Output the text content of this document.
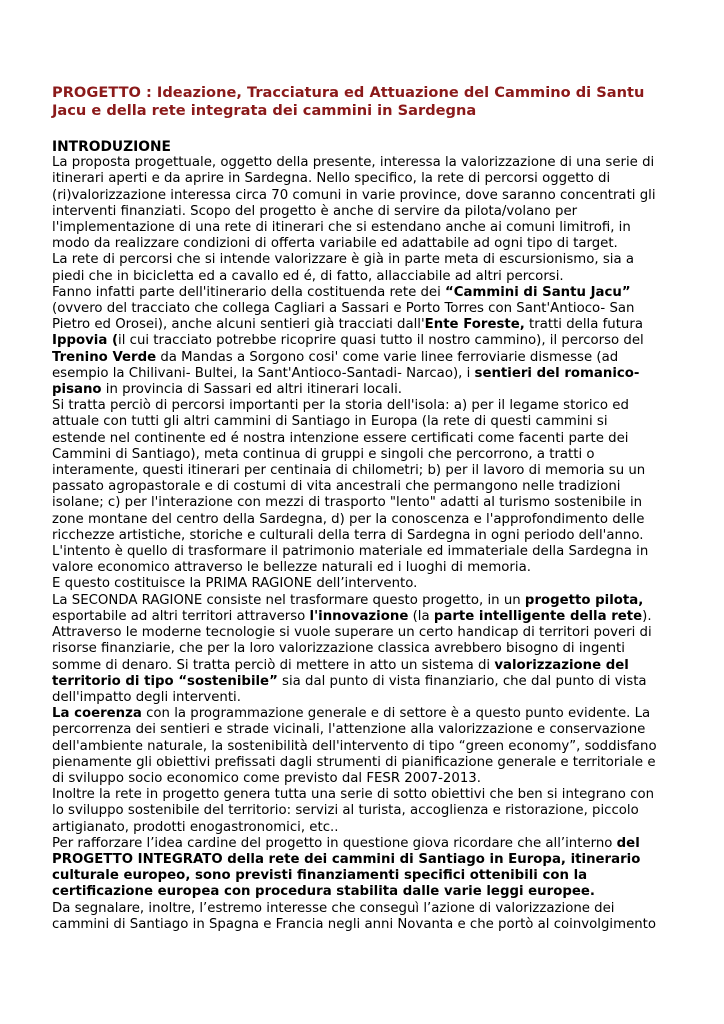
PROGETTO : Ideazione, Tracciatura ed Attuazione del Cammino di Santu
Jacu e della rete integrata dei cammini in Sardegna
INTRODUZIONE
La proposta progettuale, oggetto della presente, interessa la valorizzazione di una serie di
itinerari aperti e da aprire in Sardegna. Nello specifico, la rete di percorsi oggetto di
(ri)valorizzazione interessa circa 70 comuni in varie province, dove saranno concentrati gli
interventi finanziati. Scopo del progetto è anche di servire da pilota/volano per
l'implementazione di una rete di itinerari che si estendano anche ai comuni limitrofi, in
modo da realizzare condizioni di offerta variabile ed adattabile ad ogni tipo di target.
La rete di percorsi che si intende valorizzare è già in parte meta di escursionismo, sia a
piedi che in bicicletta ed a cavallo ed é, di fatto, allacciabile ad altri percorsi.
Fanno infatti parte dell'itinerario della costituenda rete dei “Cammini di Santu Jacu”
(ovvero del tracciato che collega Cagliari a Sassari e Porto Torres con Sant'Antioco- San
Pietro ed Orosei), anche alcuni sentieri già tracciati dall'Ente Foreste, tratti della futura
Ippovia (il cui tracciato potrebbe ricoprire quasi tutto il nostro cammino), il percorso del
Trenino Verde da Mandas a Sorgono cosi' come varie linee ferroviarie dismesse (ad
esempio la Chilivani- Bultei, la Sant'Antioco-Santadi- Narcao), i sentieri del romanico-
pisano in provincia di Sassari ed altri itinerari locali.
Si tratta perciò di percorsi importanti per la storia dell'isola: a) per il legame storico ed
attuale con tutti gli altri cammini di Santiago in Europa (la rete di questi cammini si
estende nel continente ed é nostra intenzione essere certificati come facenti parte dei
Cammini di Santiago), meta continua di gruppi e singoli che percorrono, a tratti o
interamente, questi itinerari per centinaia di chilometri; b) per il lavoro di memoria su un
passato agropastorale e di costumi di vita ancestrali che permangono nelle tradizioni
isolane; c) per l'interazione con mezzi di trasporto "lento" adatti al turismo sostenibile in
zone montane del centro della Sardegna, d) per la conoscenza e l'approfondimento delle
ricchezze artistiche, storiche e culturali della terra di Sardegna in ogni periodo dell'anno.
L'intento è quello di trasformare il patrimonio materiale ed immateriale della Sardegna in
valore economico attraverso le bellezze naturali ed i luoghi di memoria.
E questo costituisce la PRIMA RAGIONE dell’intervento.
La SECONDA RAGIONE consiste nel trasformare questo progetto, in un progetto pilota,
esportabile ad altri territori attraverso l'innovazione (la parte intelligente della rete).
Attraverso le moderne tecnologie si vuole superare un certo handicap di territori poveri di
risorse finanziarie, che per la loro valorizzazione classica avrebbero bisogno di ingenti
somme di denaro. Si tratta perciò di mettere in atto un sistema di valorizzazione del
territorio di tipo “sostenibile” sia dal punto di vista finanziario, che dal punto di vista
dell'impatto degli interventi.
La coerenza con la programmazione generale e di settore è a questo punto evidente. La
percorrenza dei sentieri e strade vicinali, l'attenzione alla valorizzazione e conservazione
dell'ambiente naturale, la sostenibilità dell'intervento di tipo “green economy”, soddisfano
pienamente gli obiettivi prefissati dagli strumenti di pianificazione generale e territoriale e
di sviluppo socio economico come previsto dal FESR 2007-2013.
Inoltre la rete in progetto genera tutta una serie di sotto obiettivi che ben si integrano con
lo sviluppo sostenibile del territorio: servizi al turista, accoglienza e ristorazione, piccolo
artigianato, prodotti enogastronomici, etc..
Per rafforzare l’idea cardine del progetto in questione giova ricordare che all’interno del
PROGETTO INTEGRATO della rete dei cammini di Santiago in Europa, itinerario
culturale europeo, sono previsti finanziamenti specifici ottenibili con la
certificazione europea con procedura stabilita dalle varie leggi europee.
Da segnalare, inoltre, l’estremo interesse che conseguì l’azione di valorizzazione dei
cammini di Santiago in Spagna e Francia negli anni Novanta e che portò al coinvolgimento
